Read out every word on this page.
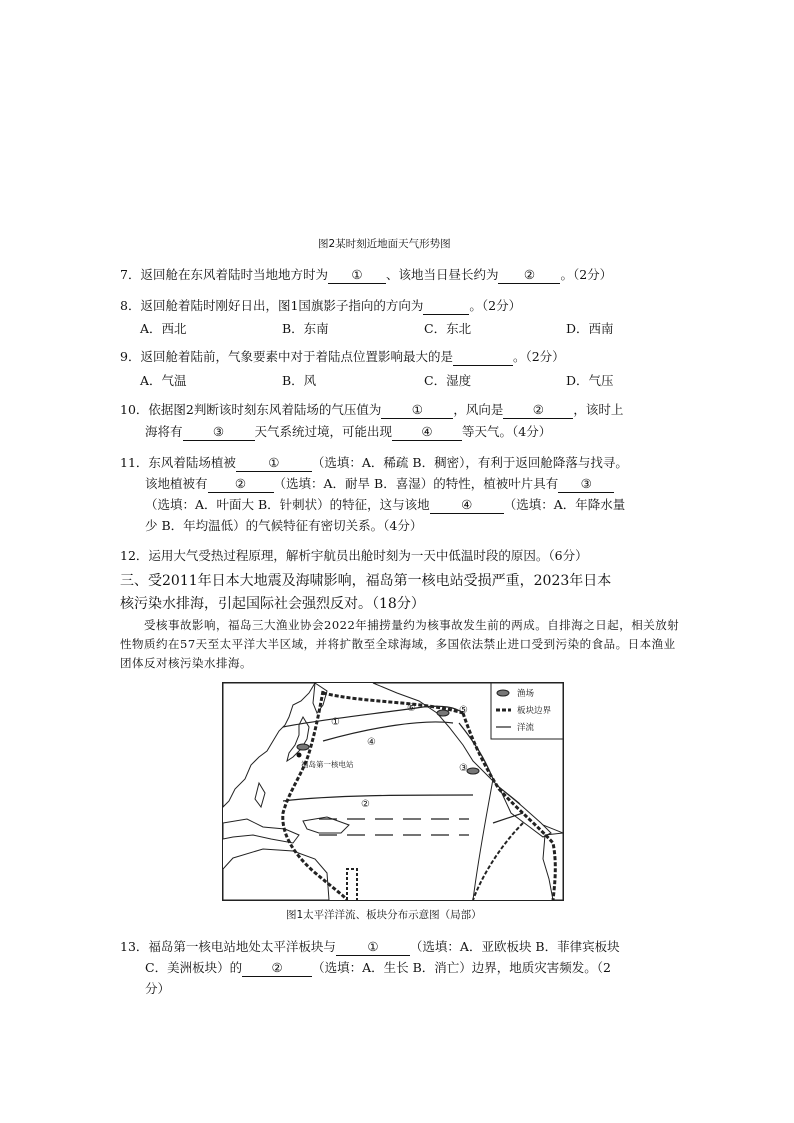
图2某时刻近地面天气形势图
7．返回舱在东风着陆时当地地方时为 ① 、该地当日昼长约为 ② 。（2分）
8．返回舱着陆时刚好日出，图1国旗影子指向的方向为	。（2分）
A．西北	B．东南	C．东北	D．西南
9．返回舱着陆前，气象要素中对于着陆点位置影响最大的是	。（2分）
A．气温	B．风	C．湿度	D．气压
10．依据图2判断该时刻东风着陆场的气压值为 ① ，风向是 ② ，该时上
海将有 ③ 天气系统过境，可能出现 ④ 等天气。（4分）
11．东风着陆场植被	①	（选填：A．稀疏 B．稠密），有利于返回舱降落与找寻。
该地植被有 ② （选填：A．耐旱 B．喜湿）的特性，植被叶片具有 ③
（选填：A．叶面大 B．针刺状）的特征，这与该地	④	（选填：A．年降水量
少 B．年均温低）的气候特征有密切关系。（4分）
12．运用大气受热过程原理，解析宇航员出舱时刻为一天中低温时段的原因。（6分）
三、受2011年日本大地震及海啸影响，福岛第一核电站受损严重，2023年日本
核污染水排海，引起国际社会强烈反对。（18分）
受核事故影响，福岛三大渔业协会2022年捕捞量约为核事故发生前的两成。自排海之日起，相关放射性物质约在57天至太平洋大半区域，并将扩散至全球海域，多国依法禁止进口受到污染的食品。日本渔业团体反对核污染水排海。
①
②
③
④
⑤
⑥
福岛第一核电站
渔场
板块边界
洋流
图1太平洋洋流、板块分布示意图（局部）
13．福岛第一核电站地处太平洋板块与	①	（选填：A．亚欧板块 B．菲律宾板块
C．美洲板块）的 ② （选填：A．生长 B．消亡）边界，地质灾害频发。（2
分）
